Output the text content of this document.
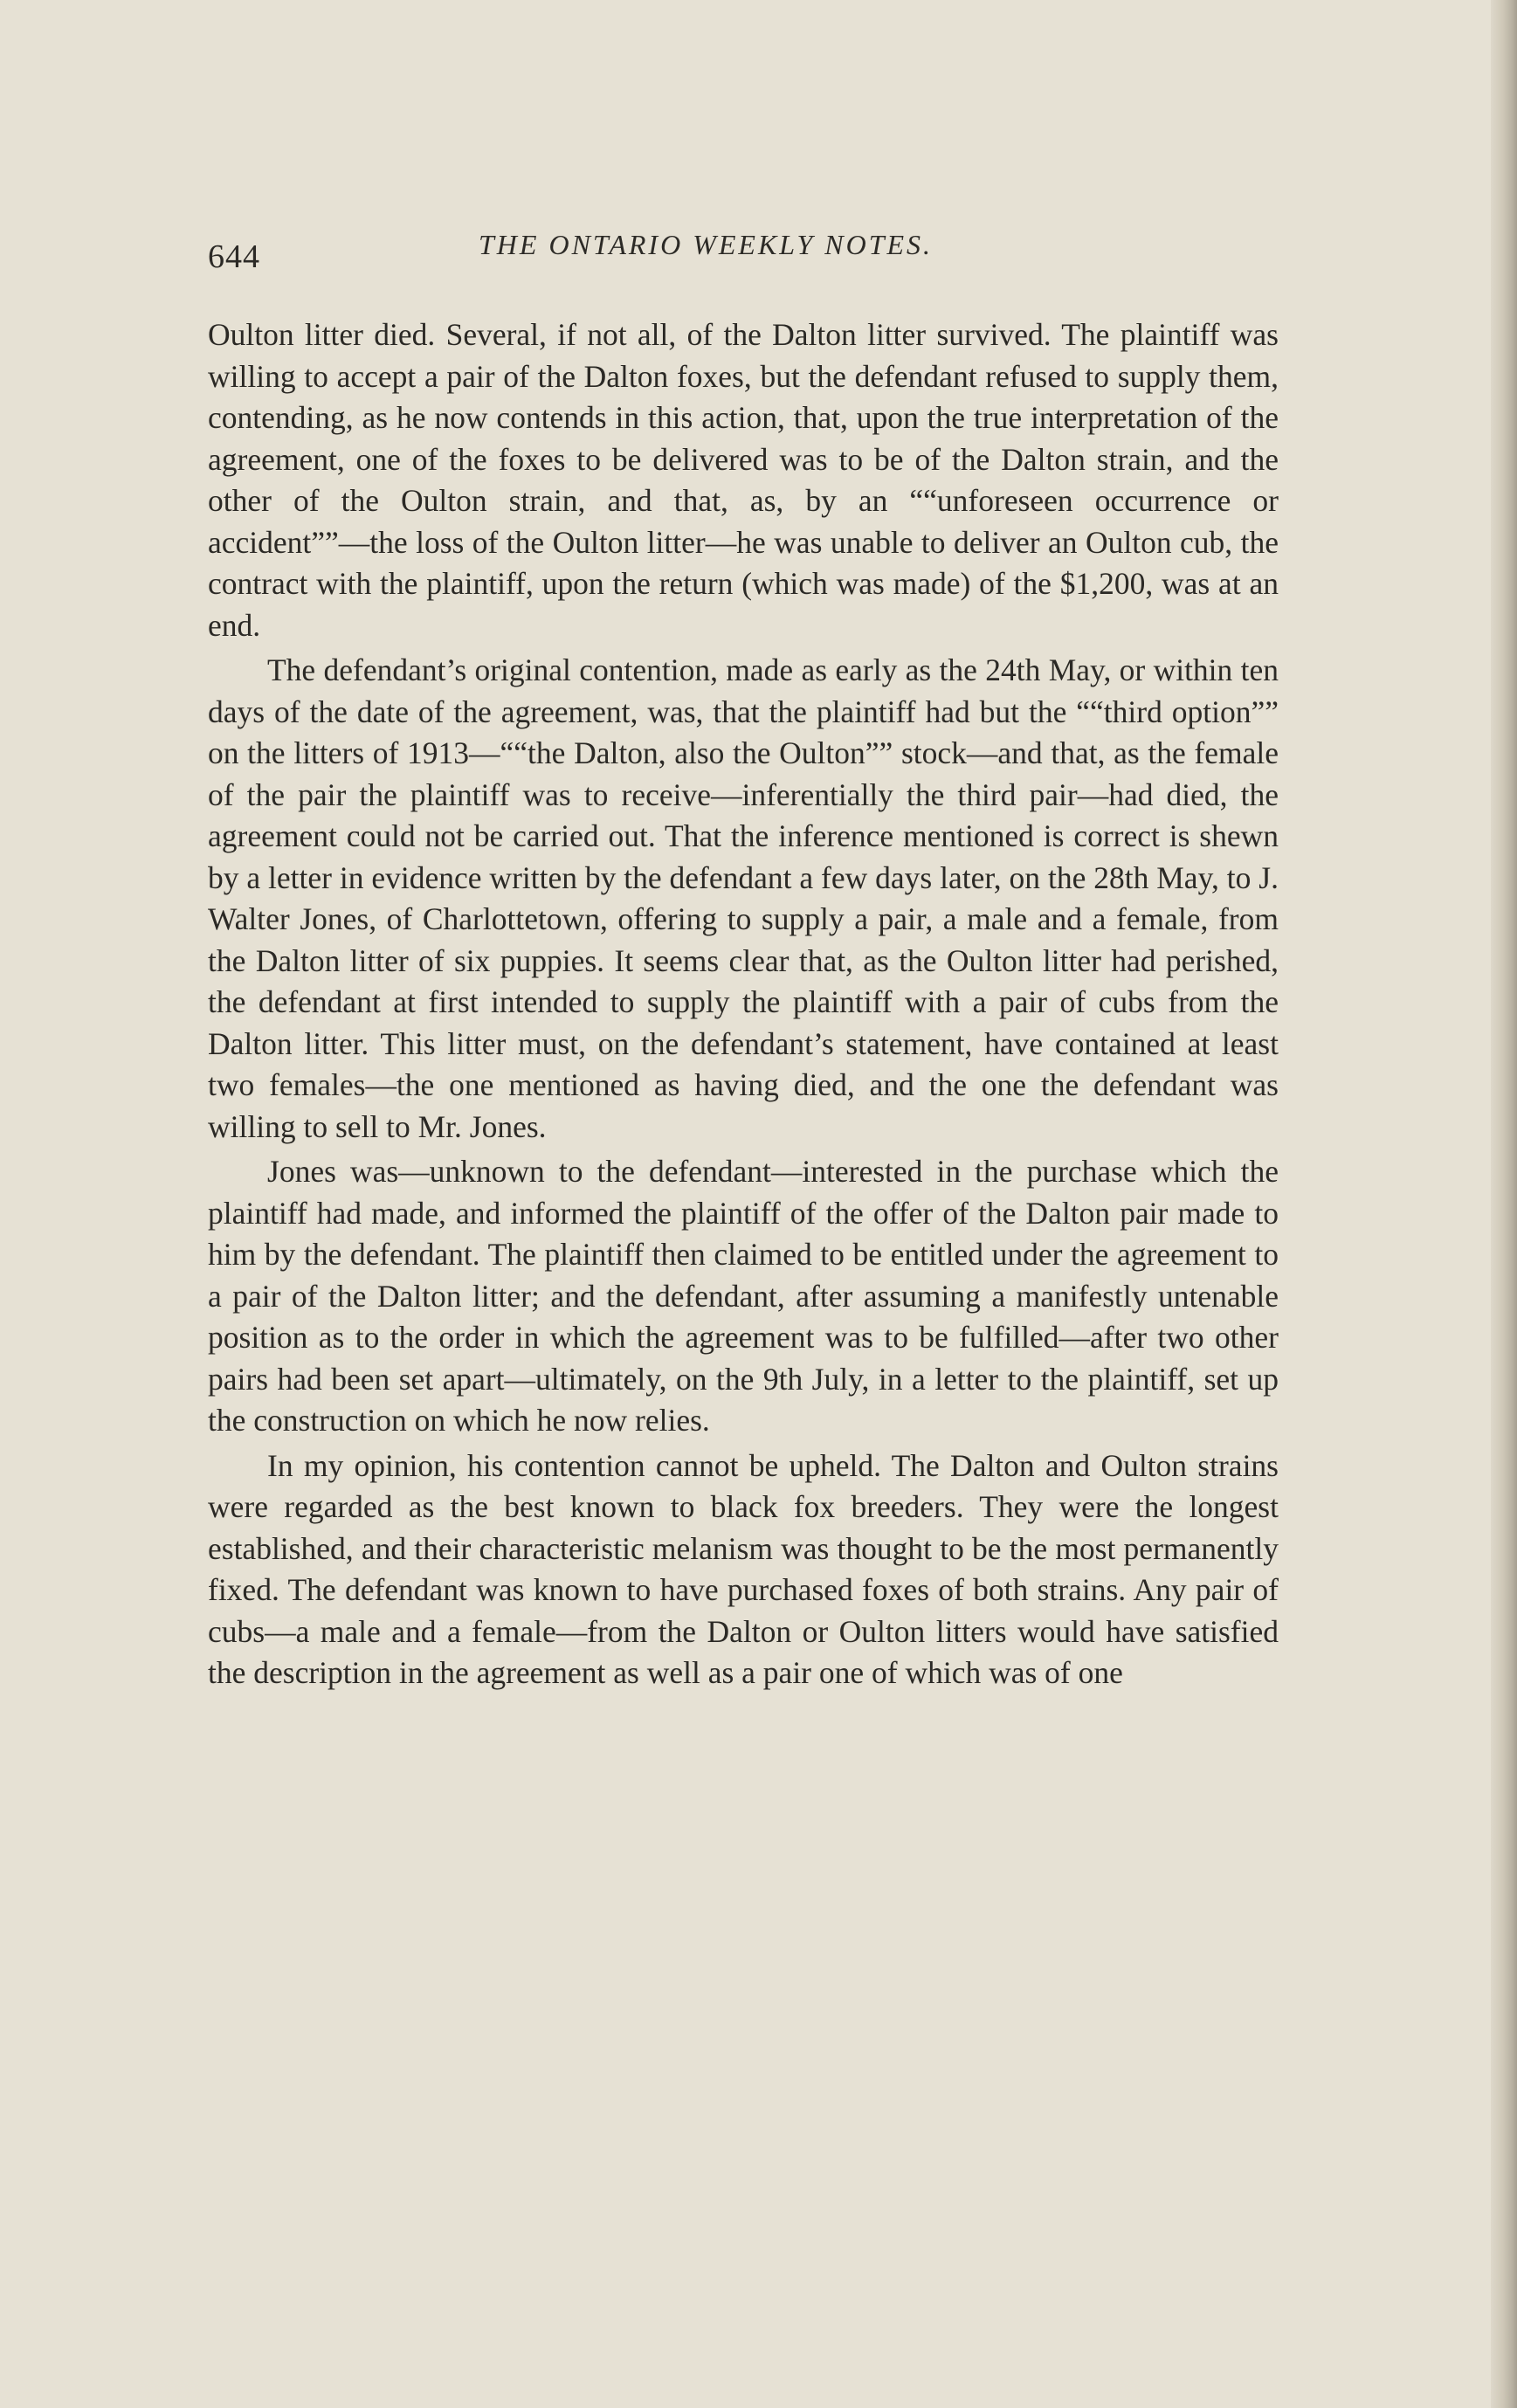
644	THE ONTARIO WEEKLY NOTES.

Oulton litter died. Several, if not all, of the Dalton litter survived. The plaintiff was willing to accept a pair of the Dalton foxes, but the defendant refused to supply them, contending, as he now contends in this action, that, upon the true interpretation of the agreement, one of the foxes to be delivered was to be of the Dalton strain, and the other of the Oulton strain, and that, as, by an ““unforeseen occurrence or accident””—the loss of the Oulton litter—he was unable to deliver an Oulton cub, the contract with the plaintiff, upon the return (which was made) of the $1,200, was at an end.

The defendant’s original contention, made as early as the 24th May, or within ten days of the date of the agreement, was, that the plaintiff had but the ““third option”” on the litters of 1913—““the Dalton, also the Oulton”” stock—and that, as the female of the pair the plaintiff was to receive—inferentially the third pair—had died, the agreement could not be carried out. That the inference mentioned is correct is shewn by a letter in evidence written by the defendant a few days later, on the 28th May, to J. Walter Jones, of Charlottetown, offering to supply a pair, a male and a female, from the Dalton litter of six puppies. It seems clear that, as the Oulton litter had perished, the defendant at first intended to supply the plaintiff with a pair of cubs from the Dalton litter. This litter must, on the defendant’s statement, have contained at least two females—the one mentioned as having died, and the one the defendant was willing to sell to Mr. Jones.

Jones was—unknown to the defendant—interested in the purchase which the plaintiff had made, and informed the plaintiff of the offer of the Dalton pair made to him by the defendant. The plaintiff then claimed to be entitled under the agreement to a pair of the Dalton litter; and the defendant, after assuming a manifestly untenable position as to the order in which the agreement was to be fulfilled—after two other pairs had been set apart—ultimately, on the 9th July, in a letter to the plaintiff, set up the construction on which he now relies.

In my opinion, his contention cannot be upheld. The Dalton and Oulton strains were regarded as the best known to black fox breeders. They were the longest established, and their characteristic melanism was thought to be the most permanently fixed. The defendant was known to have purchased foxes of both strains. Any pair of cubs—a male and a female—from the Dalton or Oulton litters would have satisfied the description in the agreement as well as a pair one of which was of one
